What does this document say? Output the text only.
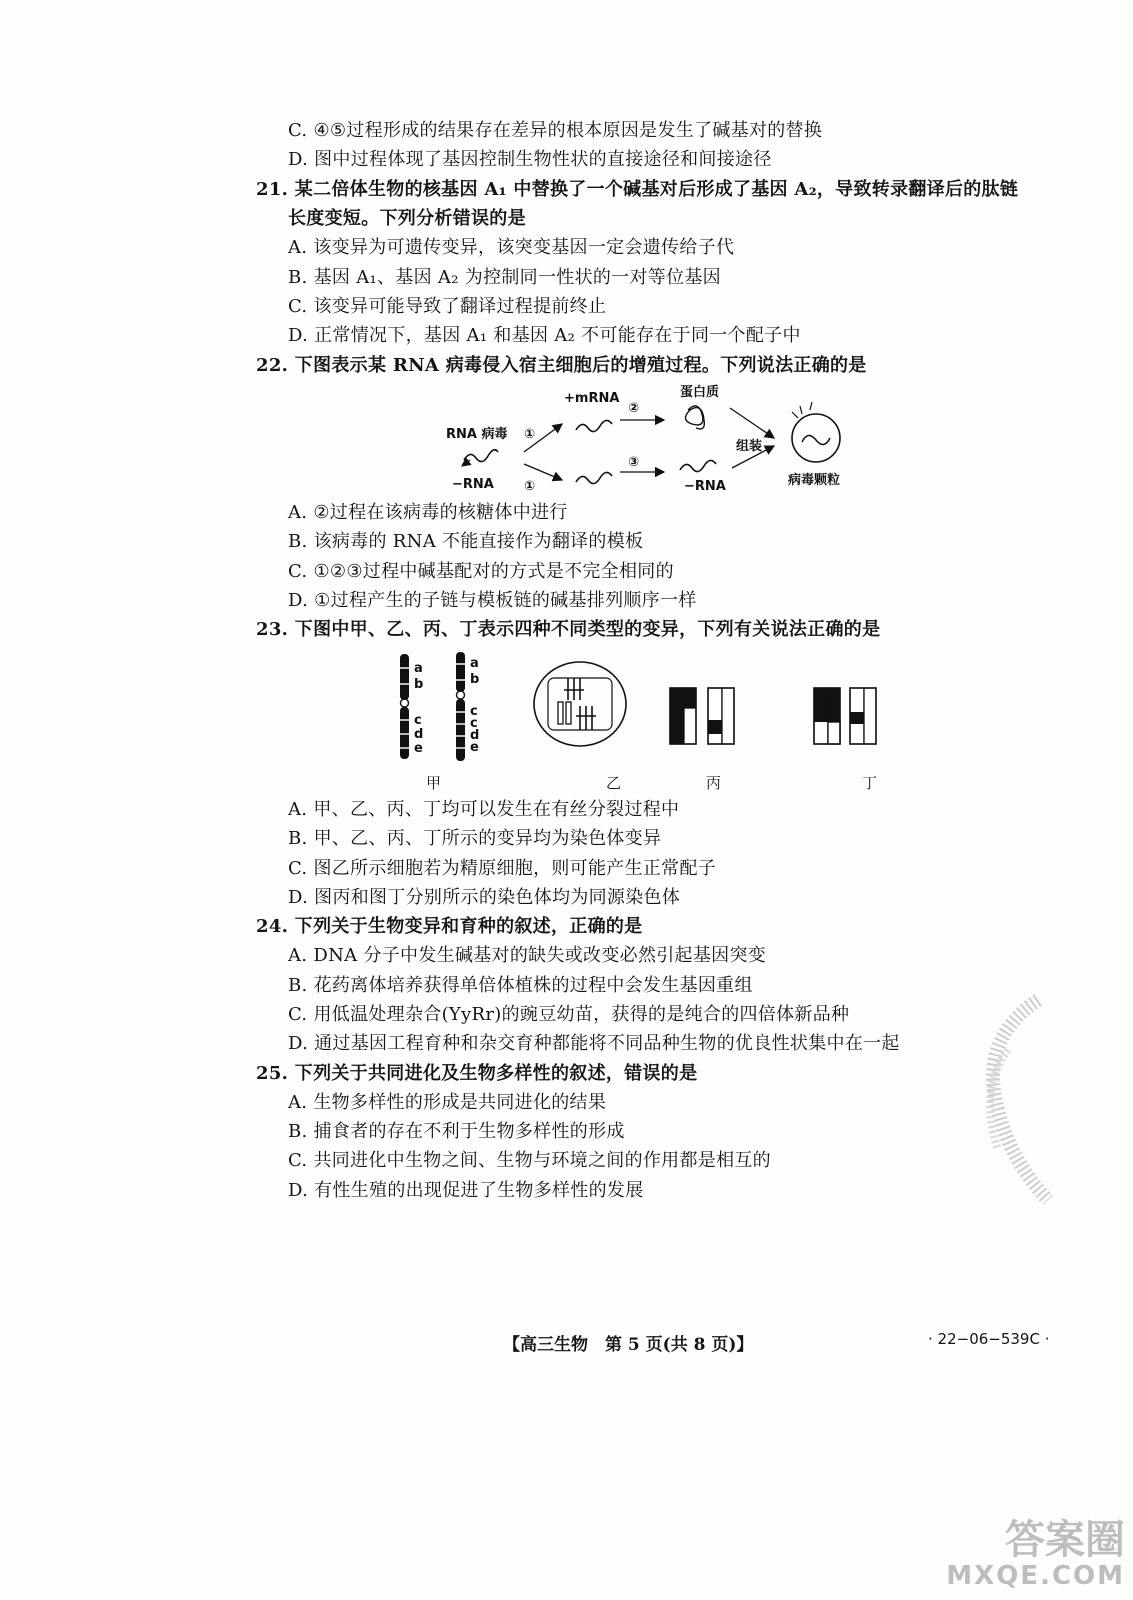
C. ④⑤过程形成的结果存在差异的根本原因是发生了碱基对的替换
D. 图中过程体现了基因控制生物性状的直接途径和间接途径
21. 某二倍体生物的核基因 A₁ 中替换了一个碱基对后形成了基因 A₂，导致转录翻译后的肽链
长度变短。下列分析错误的是
A. 该变异为可遗传变异，该突变基因一定会遗传给子代
B. 基因 A₁、基因 A₂ 为控制同一性状的一对等位基因
C. 该变异可能导致了翻译过程提前终止
D. 正常情况下，基因 A₁ 和基因 A₂ 不可能存在于同一个配子中
22. 下图表示某 RNA 病毒侵入宿主细胞后的增殖过程。下列说法正确的是
RNA 病毒
−RNA
①
①
+mRNA
②
③
蛋白质
−RNA
组装
病毒颗粒
A. ②过程在该病毒的核糖体中进行
B. 该病毒的 RNA 不能直接作为翻译的模板
C. ①②③过程中碱基配对的方式是不完全相同的
D. ①过程产生的子链与模板链的碱基排列顺序一样
23. 下图中甲、乙、丙、丁表示四种不同类型的变异，下列有关说法正确的是
a
b
c
d
e
a
b
c
c
d
e
甲	乙	丙	丁
A. 甲、乙、丙、丁均可以发生在有丝分裂过程中
B. 甲、乙、丙、丁所示的变异均为染色体变异
C. 图乙所示细胞若为精原细胞，则可能产生正常配子
D. 图丙和图丁分别所示的染色体均为同源染色体
24. 下列关于生物变异和育种的叙述，正确的是
A. DNA 分子中发生碱基对的缺失或改变必然引起基因突变
B. 花药离体培养获得单倍体植株的过程中会发生基因重组
C. 用低温处理杂合(YyRr)的豌豆幼苗，获得的是纯合的四倍体新品种
D. 通过基因工程育种和杂交育种都能将不同品种生物的优良性状集中在一起
25. 下列关于共同进化及生物多样性的叙述，错误的是
A. 生物多样性的形成是共同进化的结果
B. 捕食者的存在不利于生物多样性的形成
C. 共同进化中生物之间、生物与环境之间的作用都是相互的
D. 有性生殖的出现促进了生物多样性的发展
【高三生物　第 5 页(共 8 页)】	· 22−06−539C ·
答案圈
MXQE.COM
